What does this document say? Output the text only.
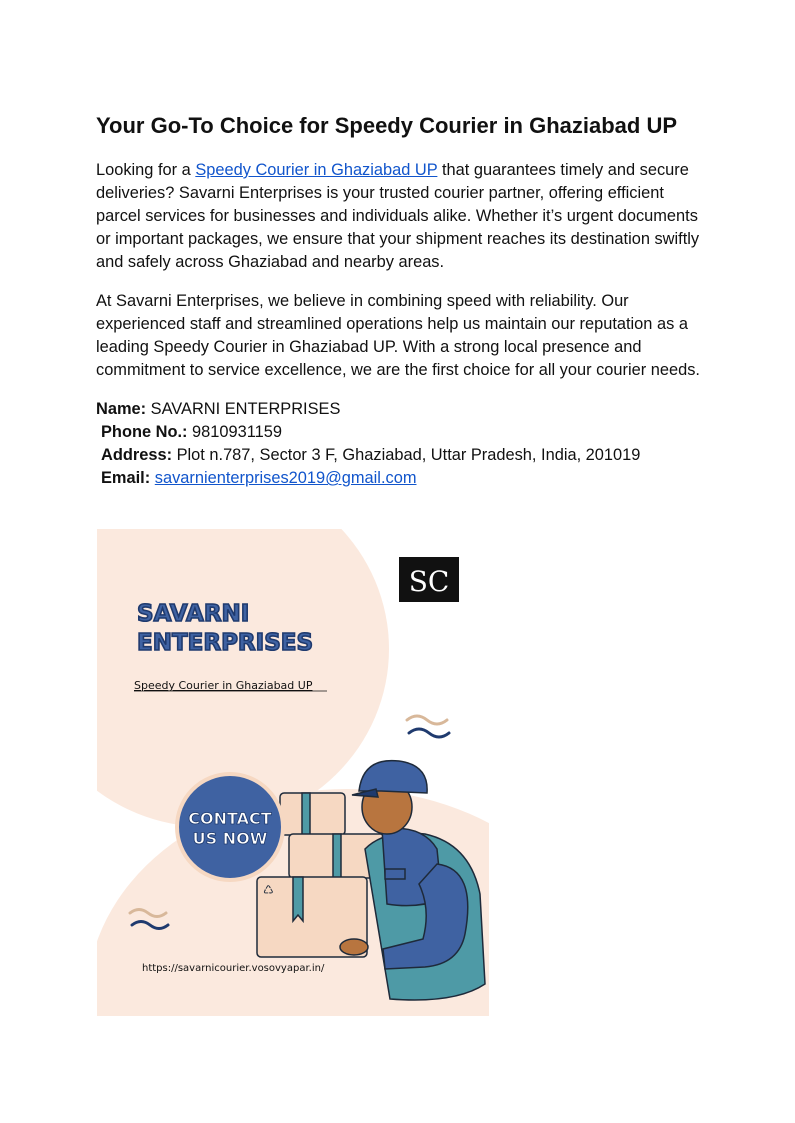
Your Go-To Choice for Speedy Courier in Ghaziabad UP

Looking for a Speedy Courier in Ghaziabad UP that guarantees timely and secure deliveries? Savarni Enterprises is your trusted courier partner, offering efficient parcel services for businesses and individuals alike. Whether it’s urgent documents or important packages, we ensure that your shipment reaches its destination swiftly and safely across Ghaziabad and nearby areas.

At Savarni Enterprises, we believe in combining speed with reliability. Our experienced staff and streamlined operations help us maintain our reputation as a leading Speedy Courier in Ghaziabad UP. With a strong local presence and commitment to service excellence, we are the first choice for all your courier needs.

Name: SAVARNI ENTERPRISES
Phone No.: 9810931159
Address: Plot n.787, Sector 3 F, Ghaziabad, Uttar Pradesh, India, 201019
Email: savarnienterprises2019@gmail.com
SC
SAVARNI
ENTERPRISES
Speedy Courier in Ghaziabad UP
♺
CONTACT
US NOW
https://savarnicourier.vosovyapar.in/
